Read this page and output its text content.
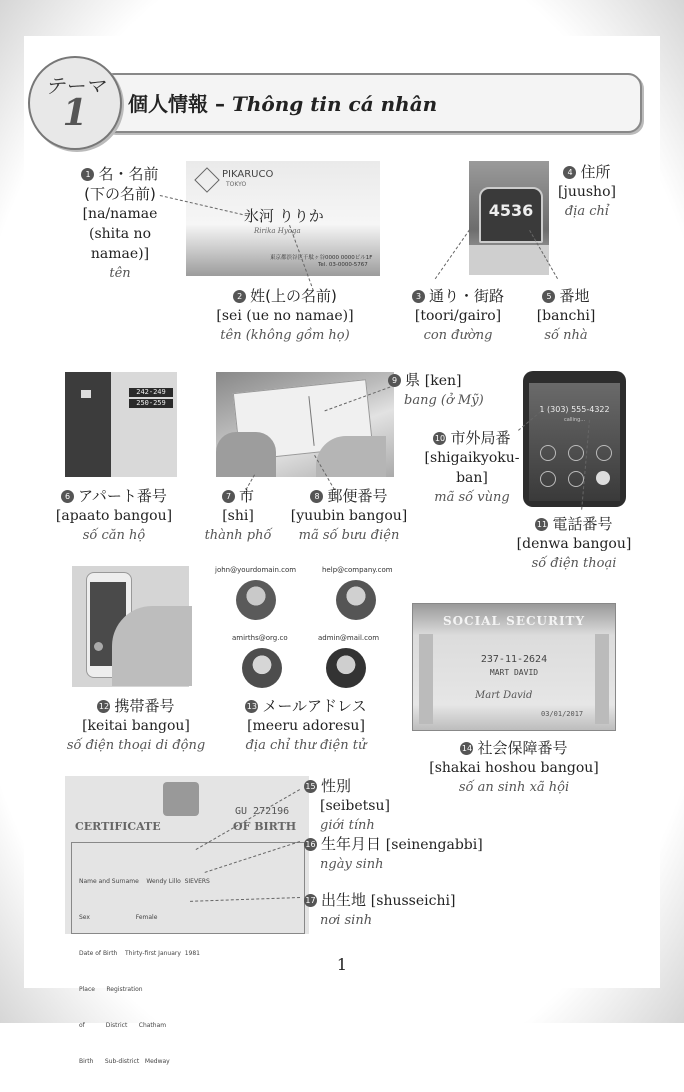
テーマ
1	個人情報 – Thông tin cá nhân
PIKARUCO
TOKYO
氷河 りりか
Ririka Hyoga
東京都渋谷区千駄ヶ谷0000 0000ビル1F
Tel. 03-0000-5767
4536
242-249
250-259
1 (303) 555-4322
calling...
john@yourdomain.com	help@company.com
amirths@org.co	admin@mail.com
SOCIAL SECURITY
237-11-2624
MART DAVID
Mart David
03/01/2017
GU 272196
CERTIFICATE	OF BIRTH

Name and Surname    Wendy Lillo  SIEVERS

Sex                        Female

Date of Birth    Thirty-first January  1981

Place      Registration

of           District      Chatham

Birth      Sub-district   Medway

1 名・名前
(下の名前)
[na/namae
(shita no namae)]
tên
2 姓(上の名前)
[sei (ue no namae)]
tên (không gồm họ)
3 通り・街路
[toori/gairo]
con đường
4 住所
[juusho]
địa chỉ
5 番地
[banchi]
số nhà
6 アパート番号
[apaato bangou]
số căn hộ
7 市
[shi]
thành phố
8 郵便番号
[yuubin bangou]
mã số bưu điện
9 県 [ken]
bang (ở Mỹ)
10 市外局番
[shigaikyoku-
ban]
mã số vùng
11 電話番号
[denwa bangou]
số điện thoại
12 携帯番号
[keitai bangou]
số điện thoại di động
13 メールアドレス
[meeru adoresu]
địa chỉ thư điện tử	14 社会保障番号
[shakai hoshou bangou]
số an sinh xã hội
15 性別
[seibetsu]
giới tính
16 生年月日 [seinengabbi]
ngày sinh
17 出生地 [shusseichi]
nơi sinh
1
